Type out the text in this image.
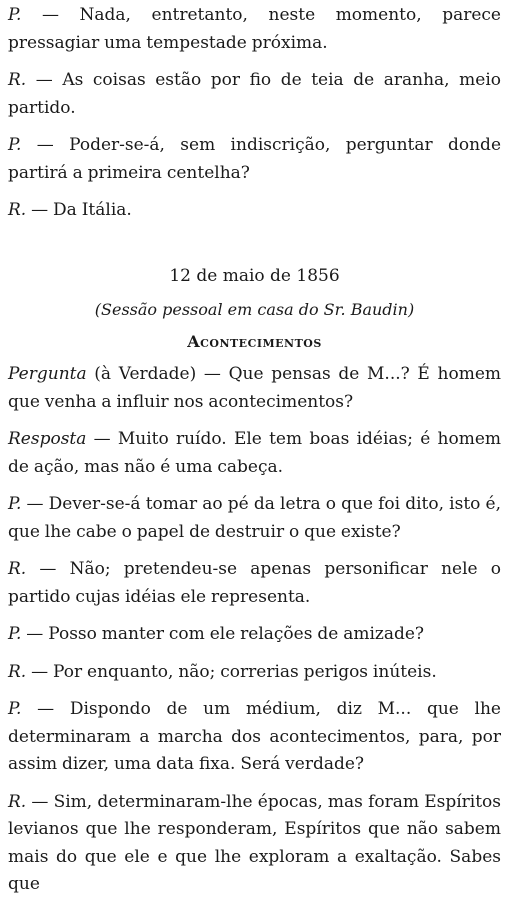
P. — Nada, entretanto, neste momento, parece pressagiar uma tempestade próxima.

R. — As coisas estão por fio de teia de aranha, meio partido.

P. — Poder-se-á, sem indiscrição, perguntar donde partirá a primeira centelha?

R. — Da Itália.

12 de maio de 1856

(Sessão pessoal em casa do Sr. Baudin)

Acontecimentos

Pergunta (à Verdade) — Que pensas de M...? É homem que venha a influir nos acontecimentos?

Resposta — Muito ruído. Ele tem boas idéias; é homem de ação, mas não é uma cabeça.

P. — Dever-se-á tomar ao pé da letra o que foi dito, isto é, que lhe cabe o papel de destruir o que existe?

R. — Não; pretendeu-se apenas personificar nele o partido cujas idéias ele representa.

P. — Posso manter com ele relações de amizade?

R. — Por enquanto, não; correrias perigos inúteis.

P. — Dispondo de um médium, diz M... que lhe determinaram a marcha dos acontecimentos, para, por assim dizer, uma data fixa. Será verdade?

R. — Sim, determinaram-lhe épocas, mas foram Espíritos levianos que lhe responderam, Espíritos que não sabem mais do que ele e que lhe exploram a exaltação. Sabes que
